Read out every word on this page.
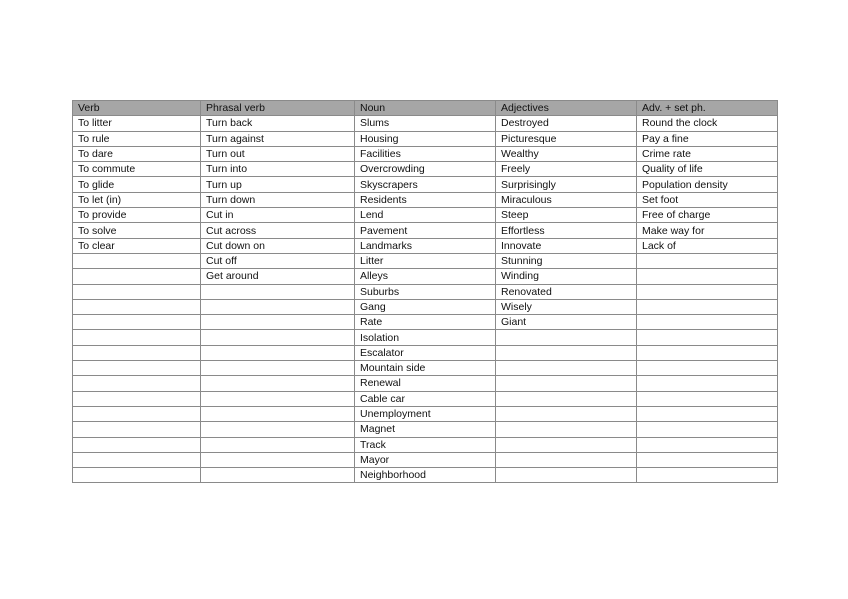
Verb	Phrasal verb	Noun	Adjectives	Adv. + set ph.
To litter	Turn back	Slums	Destroyed	Round the clock
To rule	Turn against	Housing	Picturesque	Pay a fine
To dare	Turn out	Facilities	Wealthy	Crime rate
To commute	Turn into	Overcrowding	Freely	Quality of life
To glide	Turn up	Skyscrapers	Surprisingly	Population density
To let (in)	Turn down	Residents	Miraculous	Set foot
To provide	Cut in	Lend	Steep	Free of charge
To solve	Cut across	Pavement	Effortless	Make way for
To clear	Cut down on	Landmarks	Innovate	Lack of
	Cut off	Litter	Stunning	
	Get around	Alleys	Winding	
		Suburbs	Renovated	
		Gang	Wisely	
		Rate	Giant	
		Isolation		
		Escalator		
		Mountain side		
		Renewal		
		Cable car		
		Unemployment		
		Magnet		
		Track		
		Mayor		
		Neighborhood		
